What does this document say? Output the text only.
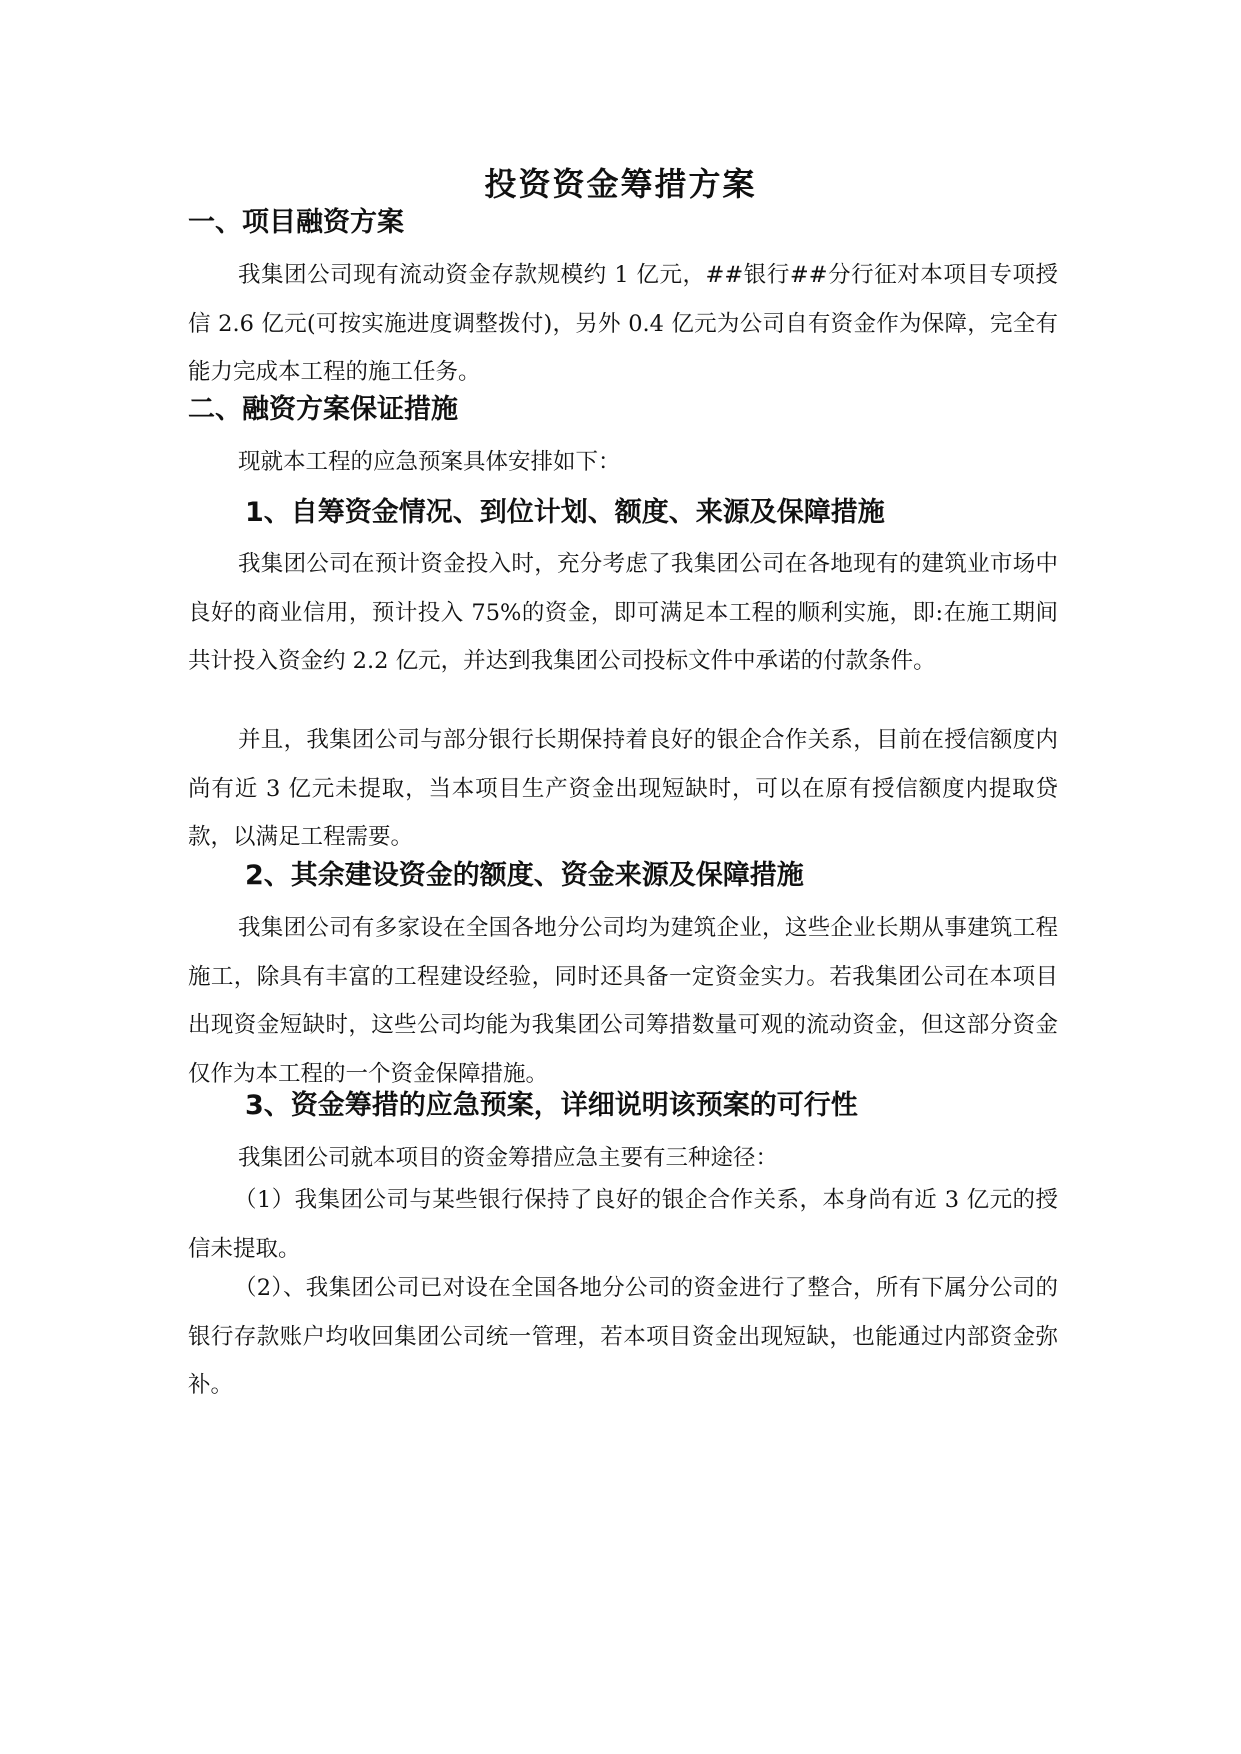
投资资金筹措方案
一、项目融资方案

我集团公司现有流动资金存款规模约 1 亿元，##银行##分行征对本项目专项授信 2.6 亿元(可按实施进度调整拨付)，另外 0.4 亿元为公司自有资金作为保障，完全有能力完成本工程的施工任务。

二、融资方案保证措施
现就本工程的应急预案具体安排如下：
1、自筹资金情况、到位计划、额度、来源及保障措施

我集团公司在预计资金投入时，充分考虑了我集团公司在各地现有的建筑业市场中良好的商业信用，预计投入 75%的资金，即可满足本工程的顺利实施，即:在施工期间共计投入资金约 2.2 亿元，并达到我集团公司投标文件中承诺的付款条件。

并且，我集团公司与部分银行长期保持着良好的银企合作关系，目前在授信额度内尚有近 3 亿元未提取，当本项目生产资金出现短缺时，可以在原有授信额度内提取贷款，以满足工程需要。

2、其余建设资金的额度、资金来源及保障措施

我集团公司有多家设在全国各地分公司均为建筑企业，这些企业长期从事建筑工程施工，除具有丰富的工程建设经验，同时还具备一定资金实力。若我集团公司在本项目出现资金短缺时，这些公司均能为我集团公司筹措数量可观的流动资金，但这部分资金仅作为本工程的一个资金保障措施。

3、资金筹措的应急预案，详细说明该预案的可行性
我集团公司就本项目的资金筹措应急主要有三种途径：

（1）我集团公司与某些银行保持了良好的银企合作关系，本身尚有近 3 亿元的授信未提取。

（2）、我集团公司已对设在全国各地分公司的资金进行了整合，所有下属分公司的银行存款账户均收回集团公司统一管理，若本项目资金出现短缺，也能通过内部资金弥补。
